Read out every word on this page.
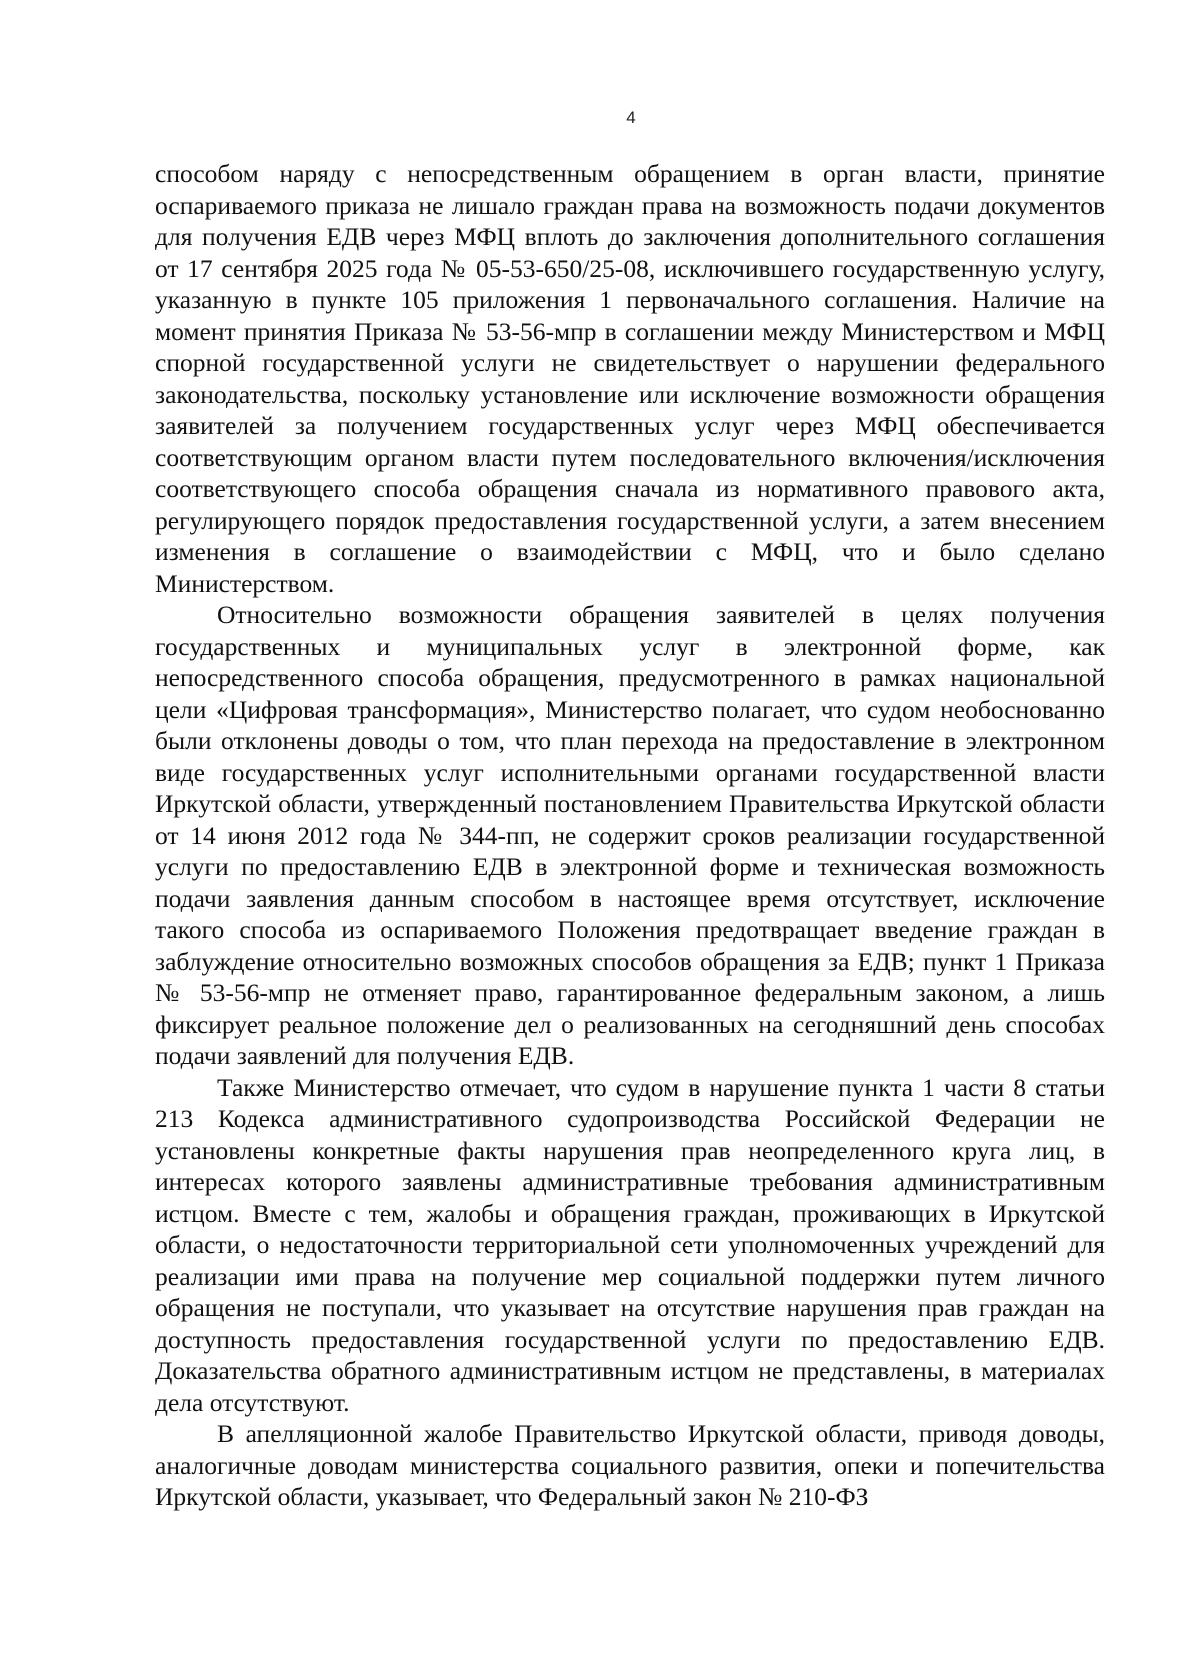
4

способом наряду с непосредственным обращением в орган власти, принятие оспариваемого приказа не лишало граждан права на возможность подачи документов для получения ЕДВ через МФЦ вплоть до заключения дополнительного соглашения от 17 сентября 2025 года № 05-53-650/25-08, исключившего государственную услугу, указанную в пункте 105 приложения 1 первоначального соглашения. Наличие на момент принятия Приказа № 53-56-мпр в соглашении между Министерством и МФЦ спорной государственной услуги не свидетельствует о нарушении федерального законодательства, поскольку установление или исключение возможности обращения заявителей за получением государственных услуг через МФЦ обеспечивается соответствующим органом власти путем последовательного включения/исключения соответствующего способа обращения сначала из нормативного правового акта, регулирующего порядок предоставления государственной услуги, а затем внесением изменения в соглашение о взаимодействии с МФЦ, что и было сделано Министерством.

Относительно возможности обращения заявителей в целях получения государственных и муниципальных услуг в электронной форме, как непосредственного способа обращения, предусмотренного в рамках национальной цели «Цифровая трансформация», Министерство полагает, что судом необоснованно были отклонены доводы о том, что план перехода на предоставление в электронном виде государственных услуг исполнительными органами государственной власти Иркутской области, утвержденный постановлением Правительства Иркутской области от 14 июня 2012 года № 344-пп, не содержит сроков реализации государственной услуги по предоставлению ЕДВ в электронной форме и техническая возможность подачи заявления данным способом в настоящее время отсутствует, исключение такого способа из оспариваемого Положения предотвращает введение граждан в заблуждение относительно возможных способов обращения за ЕДВ; пункт 1 Приказа № 53-56-мпр не отменяет право, гарантированное федеральным законом, а лишь фиксирует реальное положение дел о реализованных на сегодняшний день способах подачи заявлений для получения ЕДВ.

Также Министерство отмечает, что судом в нарушение пункта 1 части 8 статьи 213 Кодекса административного судопроизводства Российской Федерации не установлены конкретные факты нарушения прав неопределенного круга лиц, в интересах которого заявлены административные требования административным истцом. Вместе с тем, жалобы и обращения граждан, проживающих в Иркутской области, о недостаточности территориальной сети уполномоченных учреждений для реализации ими права на получение мер социальной поддержки путем личного обращения не поступали, что указывает на отсутствие нарушения прав граждан на доступность предоставления государственной услуги по предоставлению ЕДВ. Доказательства обратного административным истцом не представлены, в материалах дела отсутствуют.

В апелляционной жалобе Правительство Иркутской области, приводя доводы, аналогичные доводам министерства социального развития, опеки и попечительства Иркутской области, указывает, что Федеральный закон № 210-ФЗ
